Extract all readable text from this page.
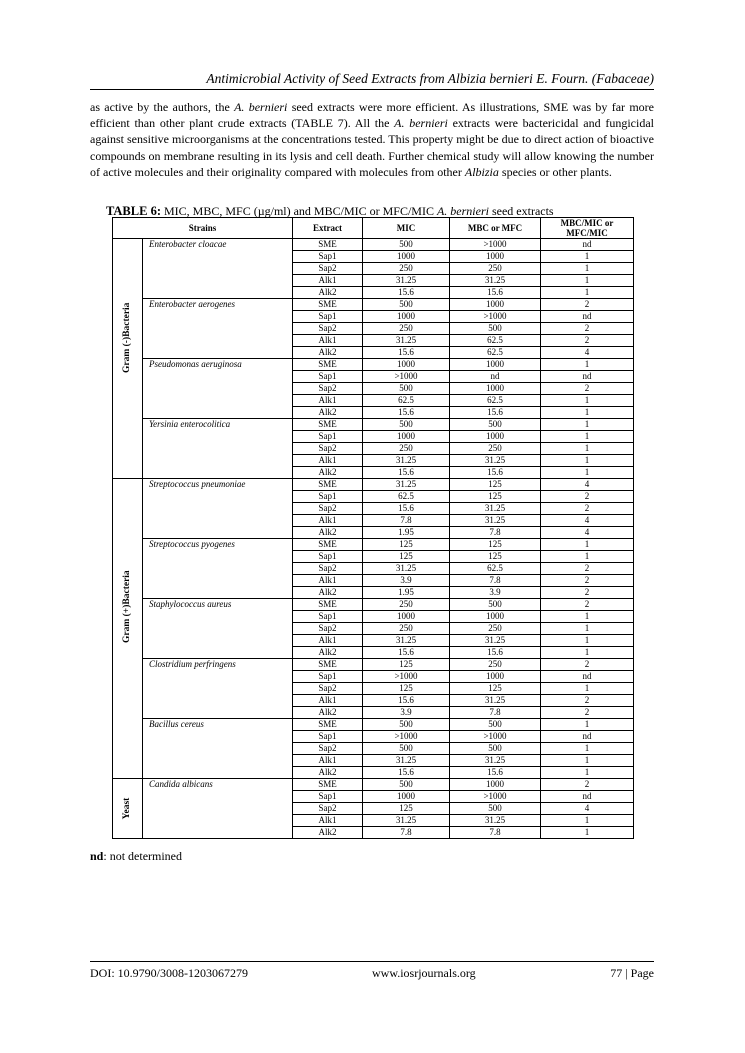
Antimicrobial Activity of Seed Extracts from Albizia bernieri E. Fourn. (Fabaceae)

as active by the authors, the A. bernieri seed extracts were more efficient. As illustrations, SME was by far more efficient than other plant crude extracts (TABLE 7). All the A. bernieri extracts were bactericidal and fungicidal against sensitive microorganisms at the concentrations tested. This property might be due to direct action of bioactive compounds on membrane resulting in its lysis and cell death. Further chemical study will allow knowing the number of active molecules and their originality compared with molecules from other Albizia species or other plants.

TABLE 6: MIC, MBC, MFC (µg/ml) and MBC/MIC or MFC/MIC A. bernieri seed extracts
Strains		Extract	MIC	MBC or MFC	MBC/MIC or MFC/MIC

Gram (-)Bacteria	Enterobacter cloacae	SME	500	>1000	nd
		Sap1	1000	1000	1
		Sap2	250	250	1
		Alk1	31.25	31.25	1
		Alk2	15.6	15.6	1
	Enterobacter aerogenes	SME	500	1000	2
		Sap1	1000	>1000	nd
		Sap2	250	500	2
		Alk1	31.25	62.5	2
		Alk2	15.6	62.5	4
	Pseudomonas aeruginosa	SME	1000	1000	1
		Sap1	>1000	nd	nd
		Sap2	500	1000	2
		Alk1	62.5	62.5	1
		Alk2	15.6	15.6	1
	Yersinia enterocolitica	SME	500	500	1
		Sap1	1000	1000	1
		Sap2	250	250	1
		Alk1	31.25	31.25	1
		Alk2	15.6	15.6	1

Gram (+)Bacteria	Streptococcus pneumoniae	SME	31.25	125	4
		Sap1	62.5	125	2
		Sap2	15.6	31.25	2
		Alk1	7.8	31.25	4
		Alk2	1.95	7.8	4
	Streptococcus pyogenes	SME	125	125	1
		Sap1	125	125	1
		Sap2	31.25	62.5	2
		Alk1	3.9	7.8	2
		Alk2	1.95	3.9	2
	Staphylococcus aureus	SME	250	500	2
		Sap1	1000	1000	1
		Sap2	250	250	1
		Alk1	31.25	31.25	1
		Alk2	15.6	15.6	1
	Clostridium perfringens	SME	125	250	2
		Sap1	>1000	1000	nd
		Sap2	125	125	1
		Alk1	15.6	31.25	2
		Alk2	3.9	7.8	2
	Bacillus cereus	SME	500	500	1
		Sap1	>1000	>1000	nd
		Sap2	500	500	1
		Alk1	31.25	31.25	1
		Alk2	15.6	15.6	1

Yeast	Candida albicans	SME	500	1000	2
		Sap1	1000	>1000	nd
		Sap2	125	500	4
		Alk1	31.25	31.25	1
		Alk2	7.8	7.8	1
nd: not determined
DOI: 10.9790/3008-1203067279	www.iosrjournals.org	77 | Page
